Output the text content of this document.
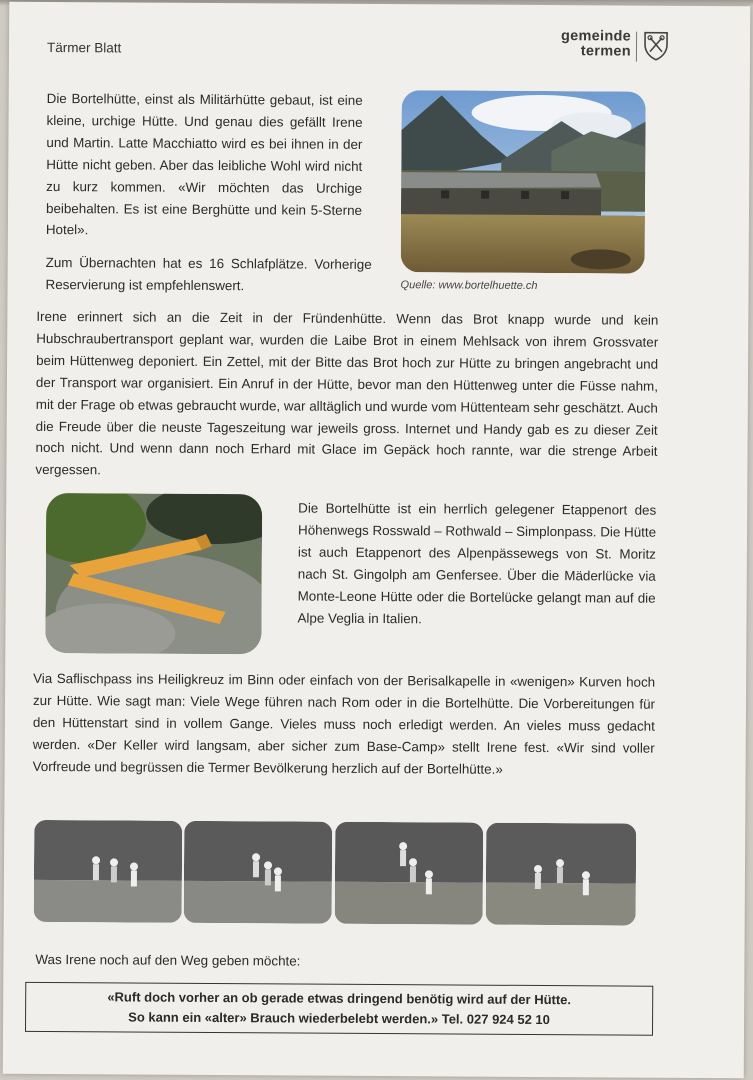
Tärmer Blatt
gemeinde
termen

Die Bortelhütte, einst als Militärhütte gebaut, ist eine kleine, urchige Hütte. Und genau dies gefällt Irene und Martin. Latte Macchiatto wird es bei ihnen in der Hütte nicht geben. Aber das leibliche Wohl wird nicht zu kurz kommen. «Wir möchten das Urchige beibehalten. Es ist eine Berghütte und kein 5-Sterne Hotel».

Zum Übernachten hat es 16 Schlafplätze. Vorherige Reservierung ist empfehlenswert.	Quelle: www.bortelhuette.ch

Irene erinnert sich an die Zeit in der Fründenhütte. Wenn das Brot knapp wurde und kein Hubschraubertransport geplant war, wurden die Laibe Brot in einem Mehlsack von ihrem Grossvater beim Hüttenweg deponiert. Ein Zettel, mit der Bitte das Brot hoch zur Hütte zu bringen angebracht und der Transport war organisiert. Ein Anruf in der Hütte, bevor man den Hüttenweg unter die Füsse nahm, mit der Frage ob etwas gebraucht wurde, war alltäglich und wurde vom Hüttenteam sehr geschätzt. Auch die Freude über die neuste Tageszeitung war jeweils gross. Internet und Handy gab es zu dieser Zeit noch nicht. Und wenn dann noch Erhard mit Glace im Gepäck hoch rannte, war die strenge Arbeit vergessen.

Die Bortelhütte ist ein herrlich gelegener Etappenort des Höhenwegs Rosswald – Rothwald – Simplonpass. Die Hütte ist auch Etappenort des Alpenpässewegs von St. Moritz nach St. Gingolph am Genfersee. Über die Mäderlücke via Monte-Leone Hütte oder die Bortelücke gelangt man auf die Alpe Veglia in Italien.

Via Saflischpass ins Heiligkreuz im Binn oder einfach von der Berisalkapelle in «wenigen» Kurven hoch zur Hütte. Wie sagt man: Viele Wege führen nach Rom oder in die Bortelhütte. Die Vorbereitungen für den Hüttenstart sind in vollem Gange. Vieles muss noch erledigt werden. An vieles muss gedacht werden. «Der Keller wird langsam, aber sicher zum Base-Camp» stellt Irene fest. «Wir sind voller Vorfreude und begrüssen die Termer Bevölkerung herzlich auf der Bortelhütte.»

Was Irene noch auf den Weg geben möchte:
«Ruft doch vorher an ob gerade etwas dringend benötig wird auf der Hütte.
So kann ein «alter» Brauch wiederbelebt werden.» Tel. 027 924 52 10
